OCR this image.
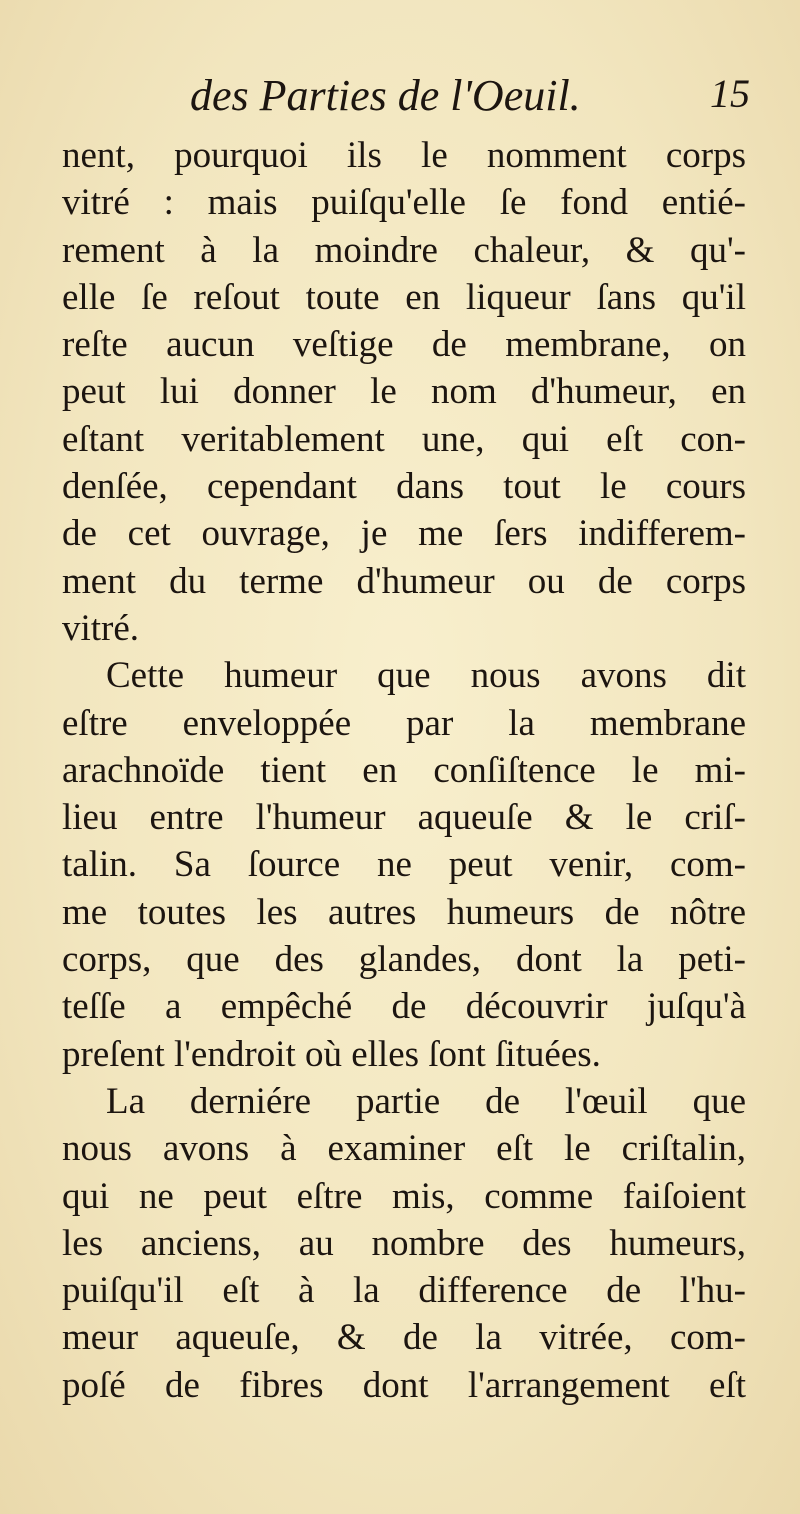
des Parties de l'Oeuil.	15
nent, pourquoi ils le nomment corps
vitré : mais puiſqu'elle ſe fond entié-
rement à la moindre chaleur, & qu'-
elle ſe reſout toute en liqueur ſans qu'il
reſte aucun veſtige de membrane, on
peut lui donner le nom d'humeur, en
eſtant veritablement une, qui eſt con-
denſée, cependant dans tout le cours
de cet ouvrage, je me ſers indifferem-
ment du terme d'humeur ou de corps
vitré.
Cette humeur que nous avons dit
eſtre enveloppée par la membrane
arachnoïde tient en conſiſtence le mi-
lieu entre l'humeur aqueuſe & le criſ-
talin. Sa ſource ne peut venir, com-
me toutes les autres humeurs de nôtre
corps, que des glandes, dont la peti-
teſſe a empêché de découvrir juſqu'à
preſent l'endroit où elles ſont ſituées.
La derniére partie de l'œuil que
nous avons à examiner eſt le criſtalin,
qui ne peut eſtre mis, comme faiſoient
les anciens, au nombre des humeurs,
puiſqu'il eſt à la difference de l'hu-
meur aqueuſe, & de la vitrée, com-
poſé de fibres dont l'arrangement eſt
